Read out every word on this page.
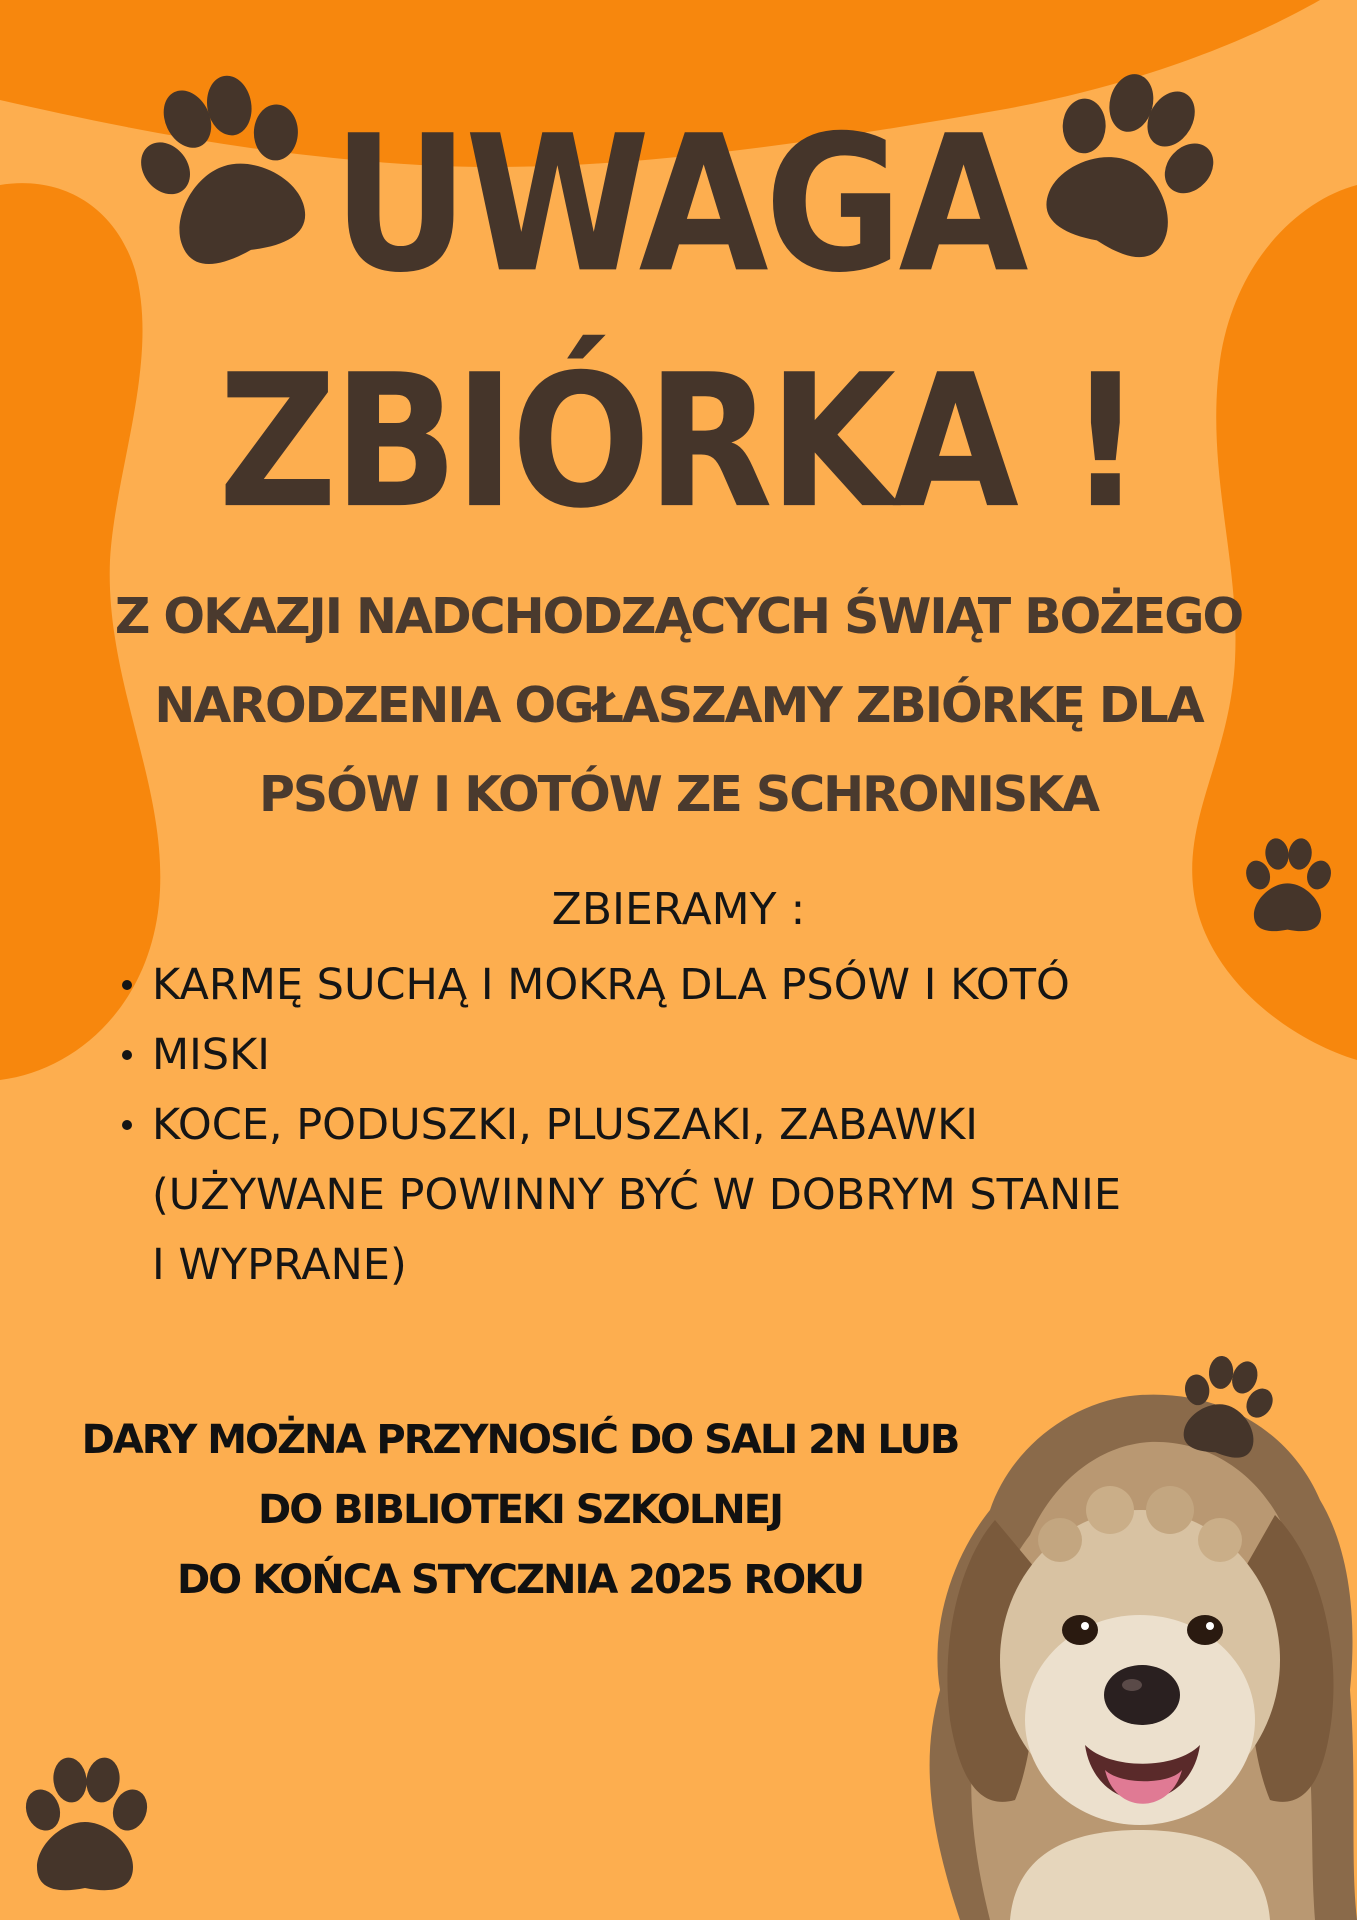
UWAGA
ZBIÓRKA !
Z OKAZJI NADCHODZĄCYCH ŚWIĄT BOŻEGO
NARODZENIA OGŁASZAMY ZBIÓRKĘ DLA
PSÓW I KOTÓW ZE SCHRONISKA
ZBIERAMY :
KARMĘ SUCHĄ I MOKRĄ DLA PSÓW I KOTÓ
MISKI
KOCE, PODUSZKI, PLUSZAKI, ZABAWKI
(UŻYWANE POWINNY BYĆ W DOBRYM STANIE
I WYPRANE)
DARY MOŻNA PRZYNOSIĆ DO SALI 2N LUB
DO BIBLIOTEKI SZKOLNEJ
DO KOŃCA STYCZNIA 2025 ROKU
